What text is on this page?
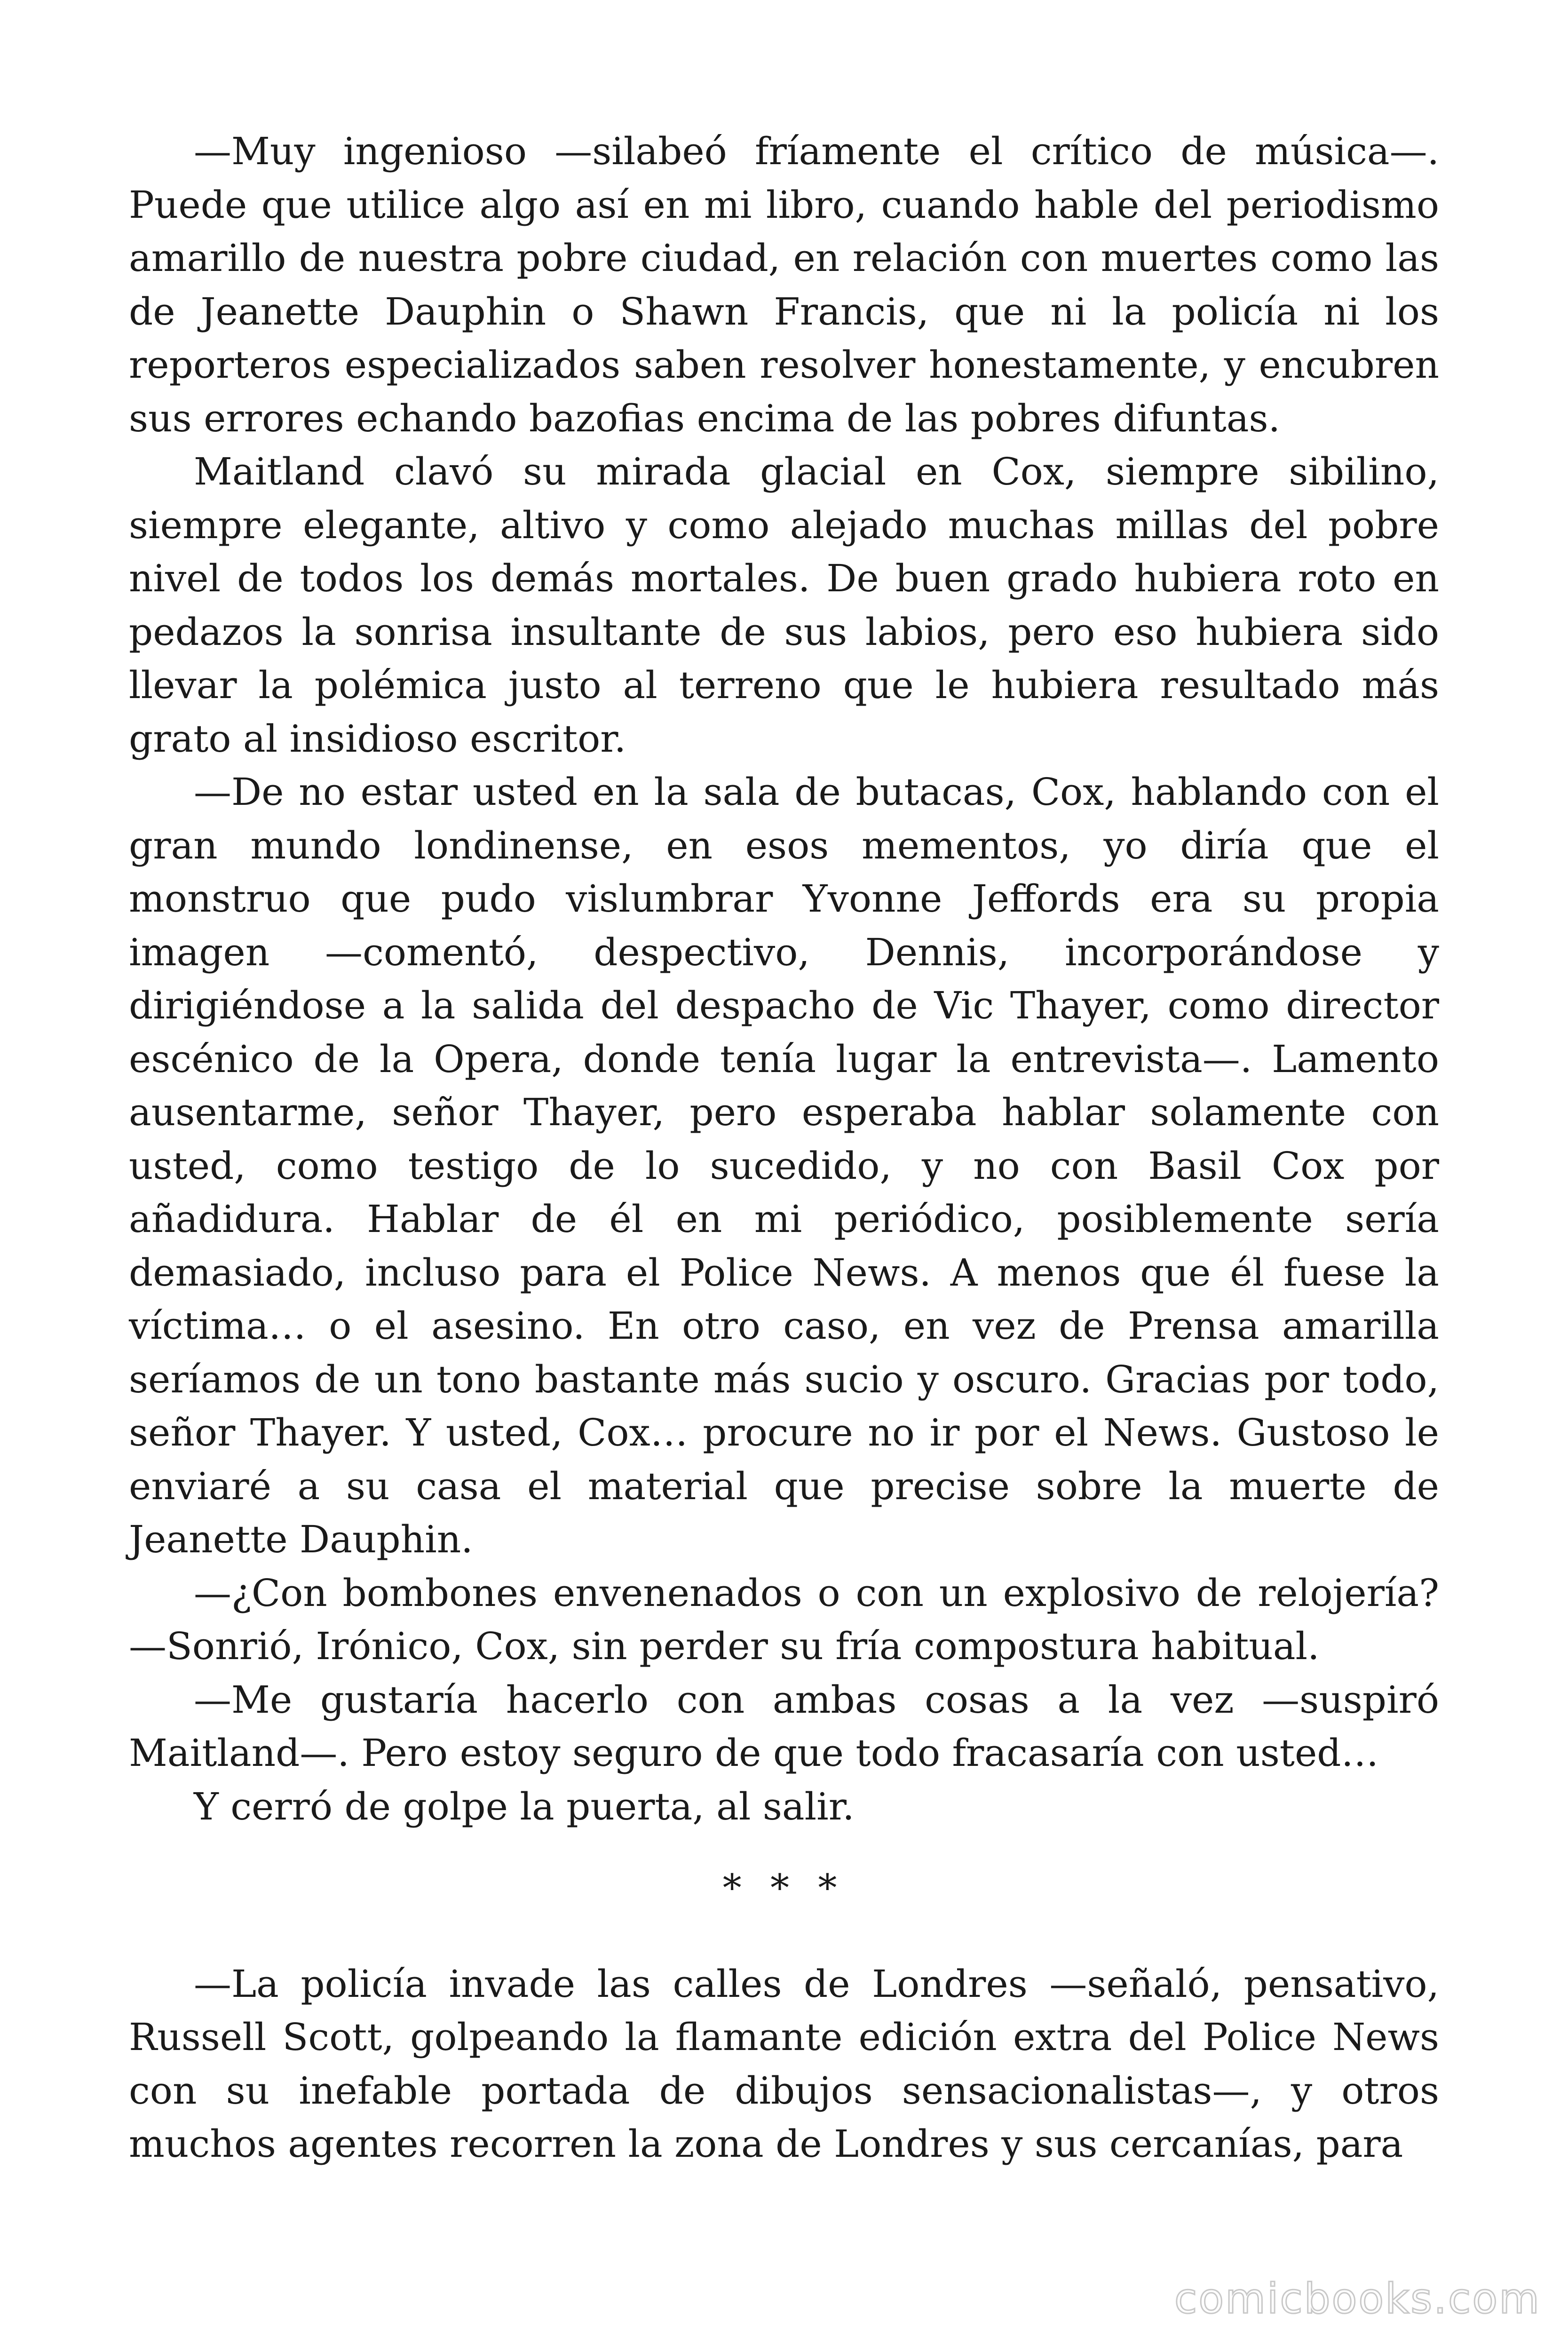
—Muy ingenioso —silabeó fríamente el crítico de música—. Puede que utilice algo así en mi libro, cuando hable del periodismo amarillo de nuestra pobre ciudad, en relación con muertes como las de Jeanette Dauphin o Shawn Francis, que ni la policía ni los reporteros especializados saben resolver honestamente, y encubren sus errores echando bazofias encima de las pobres difuntas.

Maitland clavó su mirada glacial en Cox, siempre sibilino, siempre elegante, altivo y como alejado muchas millas del pobre nivel de todos los demás mortales. De buen grado hubiera roto en pedazos la sonrisa insultante de sus labios, pero eso hubiera sido llevar la polémica justo al terreno que le hubiera resultado más grato al insidioso escritor.

—De no estar usted en la sala de butacas, Cox, hablando con el gran mundo londinense, en esos mementos, yo diría que el monstruo que pudo vislumbrar Yvonne Jeffords era su propia imagen —comentó, despectivo, Dennis, incorporándose y dirigiéndose a la salida del despacho de Vic Thayer, como director escénico de la Opera, donde tenía lugar la entrevista—. Lamento ausentarme, señor Thayer, pero esperaba hablar solamente con usted, como testigo de lo sucedido, y no con Basil Cox por añadidura. Hablar de él en mi periódico, posiblemente sería demasiado, incluso para el Police News. A menos que él fuese la víctima… o el asesino. En otro caso, en vez de Prensa amarilla seríamos de un tono bastante más sucio y oscuro. Gracias por todo, señor Thayer. Y usted, Cox… procure no ir por el News. Gustoso le enviaré a su casa el material que precise sobre la muerte de Jeanette Dauphin.

—¿Con bombones envenenados o con un explosivo de relojería? —Sonrió, Irónico, Cox, sin perder su fría compostura habitual.

—Me gustaría hacerlo con ambas cosas a la vez —suspiró Maitland—. Pero estoy seguro de que todo fracasaría con usted…

Y cerró de golpe la puerta, al salir.

* * *

—La policía invade las calles de Londres —señaló, pensativo, Russell Scott, golpeando la flamante edición extra del Police News con su inefable portada de dibujos sensacionalistas—, y otros muchos agentes recorren la zona de Londres y sus cercanías, para

comicbooks.com
